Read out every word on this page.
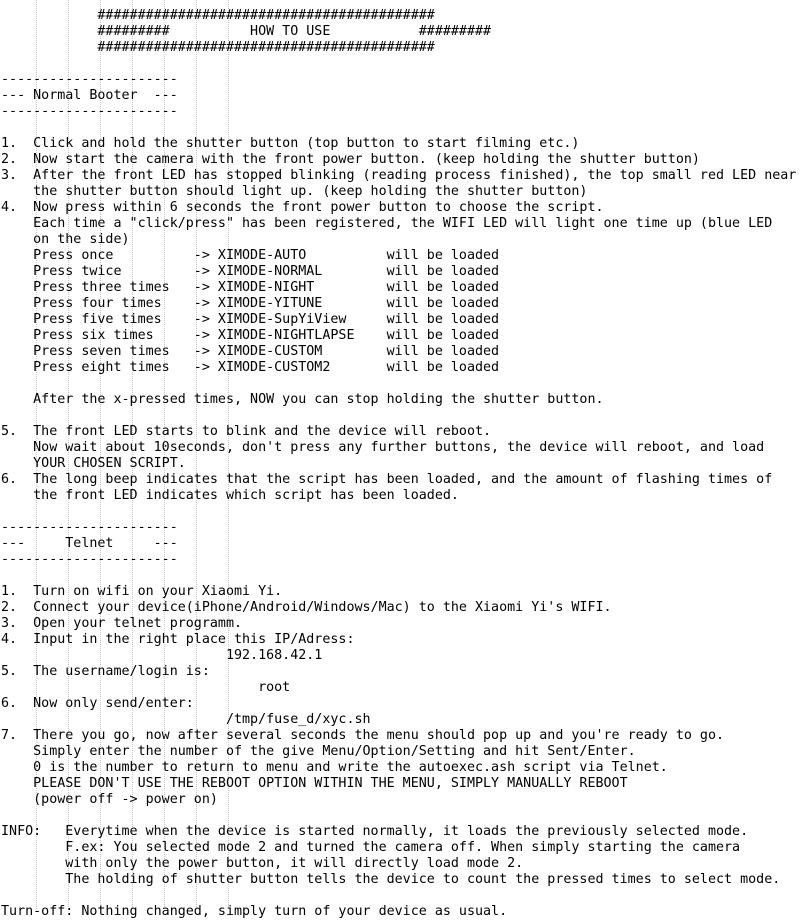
##########################################
#########          HOW TO USE           #########
##########################################
----------------------
--- Normal Booter  ---
----------------------
1.  Click and hold the shutter button (top button to start filming etc.)
2.  Now start the camera with the front power button. (keep holding the shutter button)
3.  After the front LED has stopped blinking (reading process finished), the top small red LED near
the shutter button should light up. (keep holding the shutter button)
4.  Now press within 6 seconds the front power button to choose the script.
Each time a "click/press" has been registered, the WIFI LED will light one time up (blue LED
on the side)
Press once          -> XIMODE-AUTO          will be loaded
Press twice         -> XIMODE-NORMAL        will be loaded
Press three times   -> XIMODE-NIGHT         will be loaded
Press four times    -> XIMODE-YITUNE        will be loaded
Press five times    -> XIMODE-SupYiView     will be loaded
Press six times     -> XIMODE-NIGHTLAPSE    will be loaded
Press seven times   -> XIMODE-CUSTOM        will be loaded
Press eight times   -> XIMODE-CUSTOM2       will be loaded
After the x-pressed times, NOW you can stop holding the shutter button.
5.  The front LED starts to blink and the device will reboot.
Now wait about 10seconds, don't press any further buttons, the device will reboot, and load
YOUR CHOSEN SCRIPT.
6.  The long beep indicates that the script has been loaded, and the amount of flashing times of
the front LED indicates which script has been loaded.
----------------------
---     Telnet     ---
----------------------
1.  Turn on wifi on your Xiaomi Yi.
2.  Connect your device(iPhone/Android/Windows/Mac) to the Xiaomi Yi's WIFI.
3.  Open your telnet programm.
4.  Input in the right place this IP/Adress:
192.168.42.1
5.  The username/login is:
root
6.  Now only send/enter:
/tmp/fuse_d/xyc.sh
7.  There you go, now after several seconds the menu should pop up and you're ready to go.
Simply enter the number of the give Menu/Option/Setting and hit Sent/Enter.
0 is the number to return to menu and write the autoexec.ash script via Telnet.
PLEASE DON'T USE THE REBOOT OPTION WITHIN THE MENU, SIMPLY MANUALLY REBOOT
(power off -> power on)
INFO:   Everytime when the device is started normally, it loads the previously selected mode.
F.ex: You selected mode 2 and turned the camera off. When simply starting the camera
with only the power button, it will directly load mode 2.
The holding of shutter button tells the device to count the pressed times to select mode.
Turn-off: Nothing changed, simply turn of your device as usual.
